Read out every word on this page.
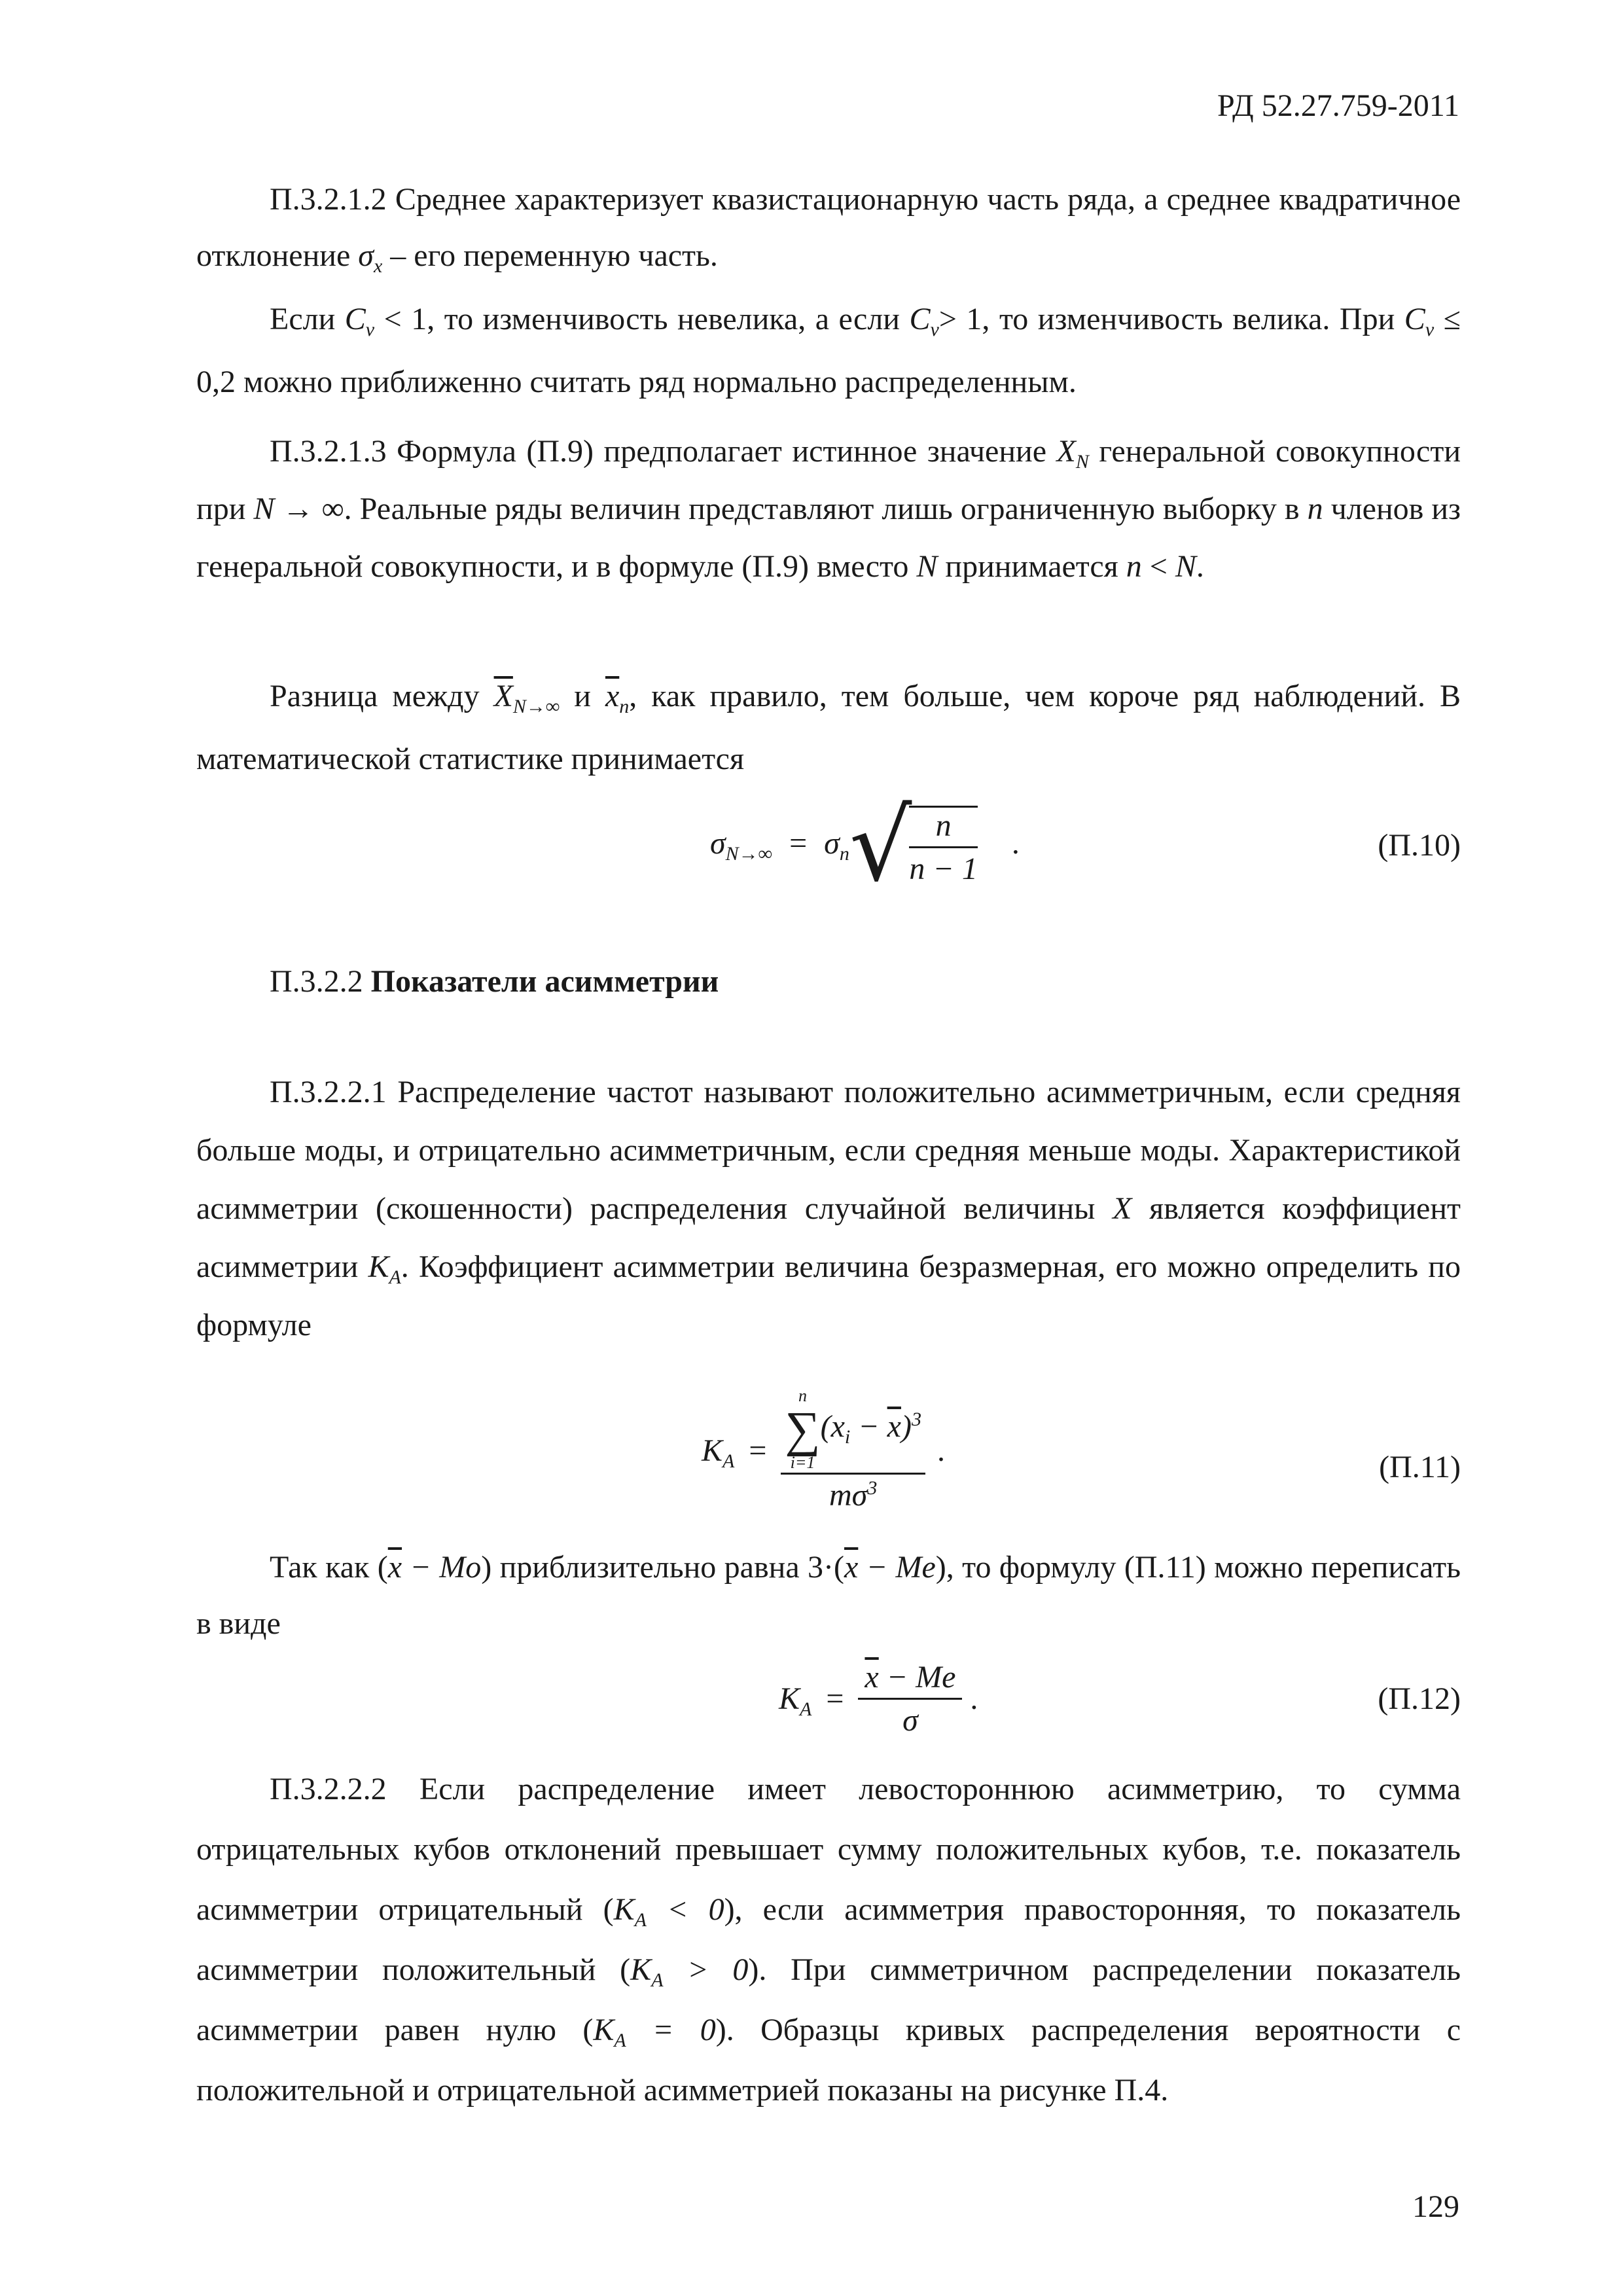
РД 52.27.759-2011

П.3.2.1.2 Среднее характеризует квазистационарную часть ряда, а среднее квадратичное отклонение $\sigma_x$ – его переменную часть.

Если $C_v < 1$, то изменчивость невелика, а если $C_v> 1$, то изменчивость велика. При $C_v \le 0,2$ можно приближенно считать ряд нормально распределенным.

П.3.2.1.3 Формула (П.9) предполагает истинное значение $X_N$ генеральной совокупности при N → ∞. Реальные ряды величин представляют лишь ограниченную выборку в n членов из генеральной совокупности, и в формуле (П.9) вместо N принимается n < N.

Разница между $\overline{X}_{N\to\infty}$ и $\overline{x}_n$, как правило, тем больше, чем короче ряд наблюдений. В математической статистике принимается

$\sigma_{N\to\infty} = \sigma_n√$
$\frac{n}{n - 1}$ .	(П.10)

П.3.2.2 Показатели асимметрии

П.3.2.2.1 Распределение частот называют положительно асимметричным, если средняя больше моды, и отрицательно асимметричным, если средняя меньше моды. Характеристикой асимметрии (скошенности) распределения случайной величины X является коэффициент асимметрии $K_A$. Коэффициент асимметрии величина безразмерная, его можно определить по формуле

$K_A = n$
∑
i=1
$(x_i - \overline{x})^3$
$m\sigma^3$ .	(П.11)

Так как $(\overline{x} - Mo)$ приблизительно равна $3\cdot(\overline{x} - Me)$, то формулу (П.11) можно переписать в виде

$K_A = \frac{\overline{x} - Me}{\sigma}$ .	(П.12)

П.3.2.2.2 Если распределение имеет левостороннюю асимметрию, то сумма отрицательных кубов отклонений превышает сумму положительных кубов, т.е. показатель асимметрии отрицательный $(K_A < 0)$, если асимметрия правосторонняя, то показатель асимметрии положительный $(K_A > 0)$. При симметричном распределении показатель асимметрии равен нулю $(K_A = 0)$. Образцы кривых распределения вероятности с положительной и отрицательной асимметрией показаны на рисунке П.4.

129
